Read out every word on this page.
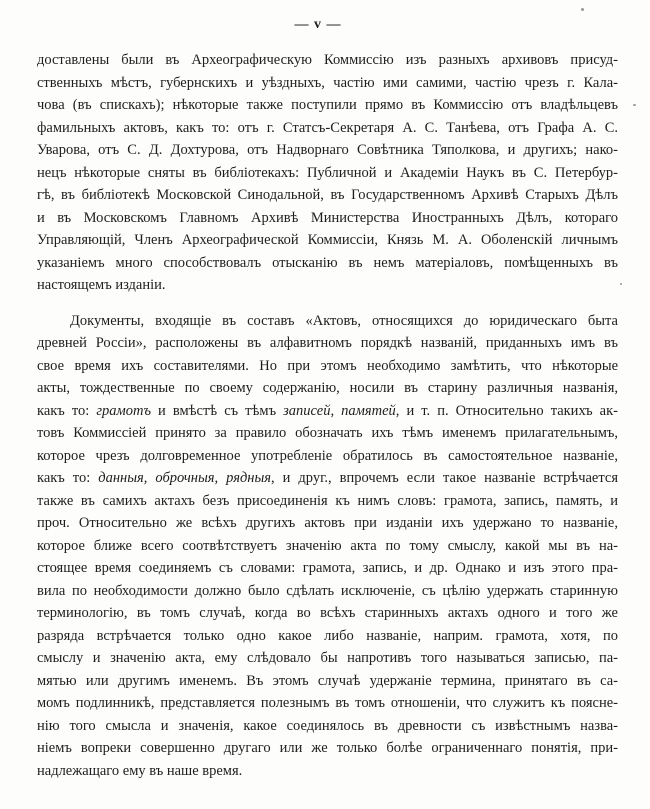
— v —
доставлены были въ Археографическую Коммиссію изъ разныхъ архивовъ присуд-
ственныхъ мѣстъ, губернскихъ и уѣздныхъ, частію ими самими, частію чрезъ г. Кала-
чова (въ спискахъ); нѣкоторые также поступили прямо въ Коммиссію отъ владѣльцевъ
фамильныхъ актовъ, какъ то: отъ г. Статсъ-Секретаря А. С. Танѣева, отъ Графа А. С.
Уварова, отъ С. Д. Дохтурова, отъ Надворнаго Совѣтника Тяполкова, и другихъ; нако-
нецъ нѣкоторые сняты въ библіотекахъ: Публичной и Академіи Наукъ въ С. Петербур-
гѣ, въ библіотекѣ Московской Синодальной, въ Государственномъ Архивѣ Старыхъ Дѣлъ
и въ Московскомъ Главномъ Архивѣ Министерства Иностранныхъ Дѣлъ, котораго
Управляющій, Членъ Археографической Коммиссіи, Князь М. А. Оболенскій личнымъ
указаніемъ много способствовалъ отысканію въ немъ матеріаловъ, помѣщенныхъ въ
настоящемъ изданіи.
Документы, входящіе въ составъ «Актовъ, относящихся до юридическаго быта
древней Россіи», расположены въ алфавитномъ порядкѣ названій, приданныхъ имъ въ
свое время ихъ составителями. Но при этомъ необходимо замѣтить, что нѣкоторые
акты, тождественные по своему содержанію, носили въ старину различныя названія,
какъ то: грамотъ и вмѣстѣ съ тѣмъ записей, памятей, и т. п. Относительно такихъ ак-
товъ Коммиссіей принято за правило обозначать ихъ тѣмъ именемъ прилагательнымъ,
которое чрезъ долговременное употребленіе обратилось въ самостоятельное названіе,
какъ то: данныя, оброчныя, рядныя, и друг., впрочемъ если такое названіе встрѣчается
также въ самихъ актахъ безъ присоединенія къ нимъ словъ: грамота, запись, память, и
проч. Относительно же всѣхъ другихъ актовъ при изданіи ихъ удержано то названіе,
которое ближе всего соотвѣтствуетъ значенію акта по тому смыслу, какой мы въ на-
стоящее время соединяемъ съ словами: грамота, запись, и др. Однако и изъ этого пра-
вила по необходимости должно было сдѣлать исключеніе, съ цѣлію удержать старинную
терминологію, въ томъ случаѣ, когда во всѣхъ старинныхъ актахъ одного и того же
разряда встрѣчается только одно какое либо названіе, наприм. грамота, хотя, по
смыслу и значенію акта, ему слѣдовало бы напротивъ того называться записью, па-
мятью или другимъ именемъ. Въ этомъ случаѣ удержаніе термина, принятаго въ са-
момъ подлинникѣ, представляется полезнымъ въ томъ отношеніи, что служитъ къ поясне-
нію того смысла и значенія, какое соединялось въ древности съ извѣстнымъ назва-
ніемъ вопреки совершенно другаго или же только болѣе ограниченнаго понятія, при-
надлежащаго ему въ наше время.
